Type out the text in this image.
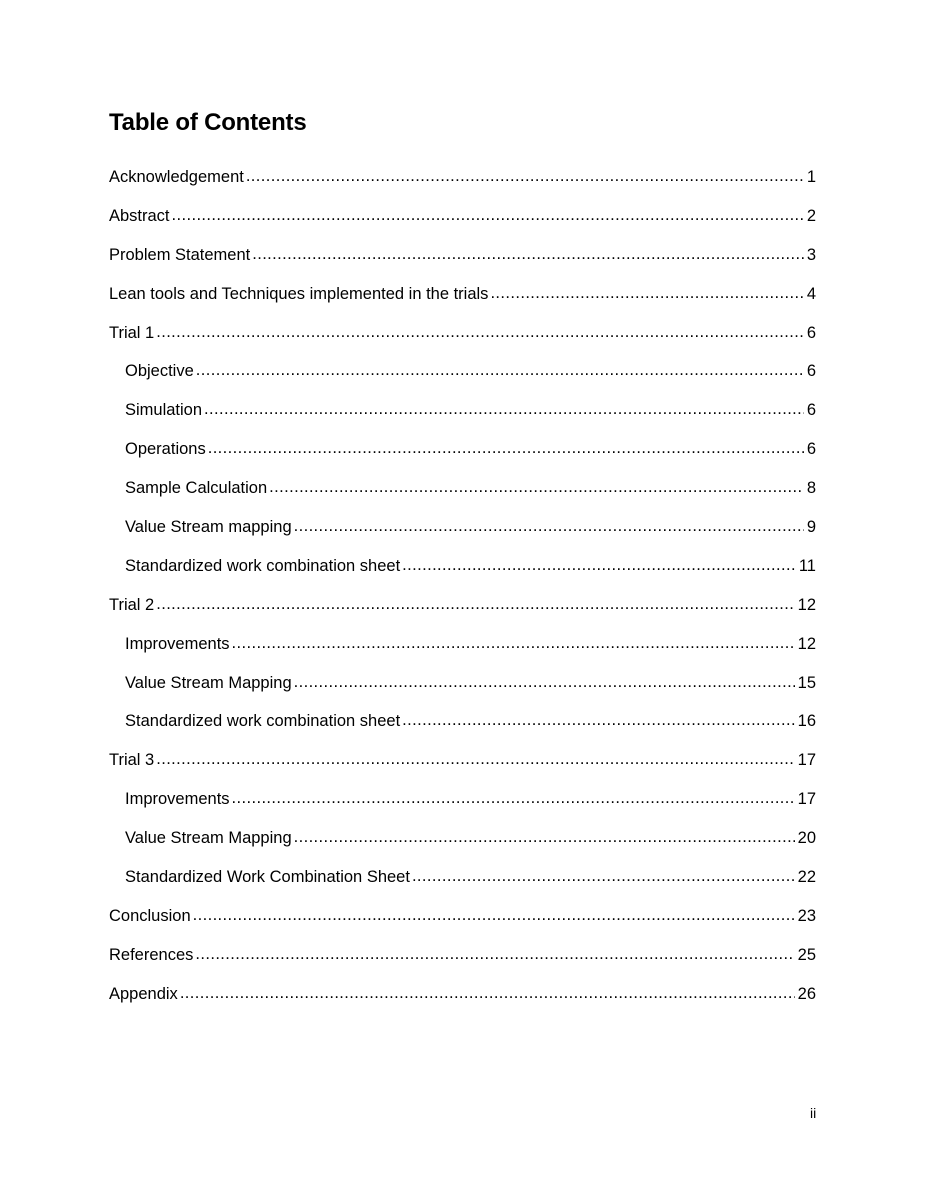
Table of Contents
Acknowledgement .....	1
Abstract .....	2
Problem Statement .....	3
Lean tools and Techniques implemented in the trials .....	4
Trial 1 .....	6
Objective .....	6
Simulation .....	6
Operations .....	6
Sample Calculation .....	8
Value Stream mapping .....	9
Standardized work combination sheet .....	11
Trial 2 .....	12
Improvements .....	12
Value Stream Mapping .....	15
Standardized work combination sheet .....	16
Trial 3 .....	17
Improvements .....	17
Value Stream Mapping .....	20
Standardized Work Combination Sheet .....	22
Conclusion .....	23
References .....	25
Appendix .....	26
ii
